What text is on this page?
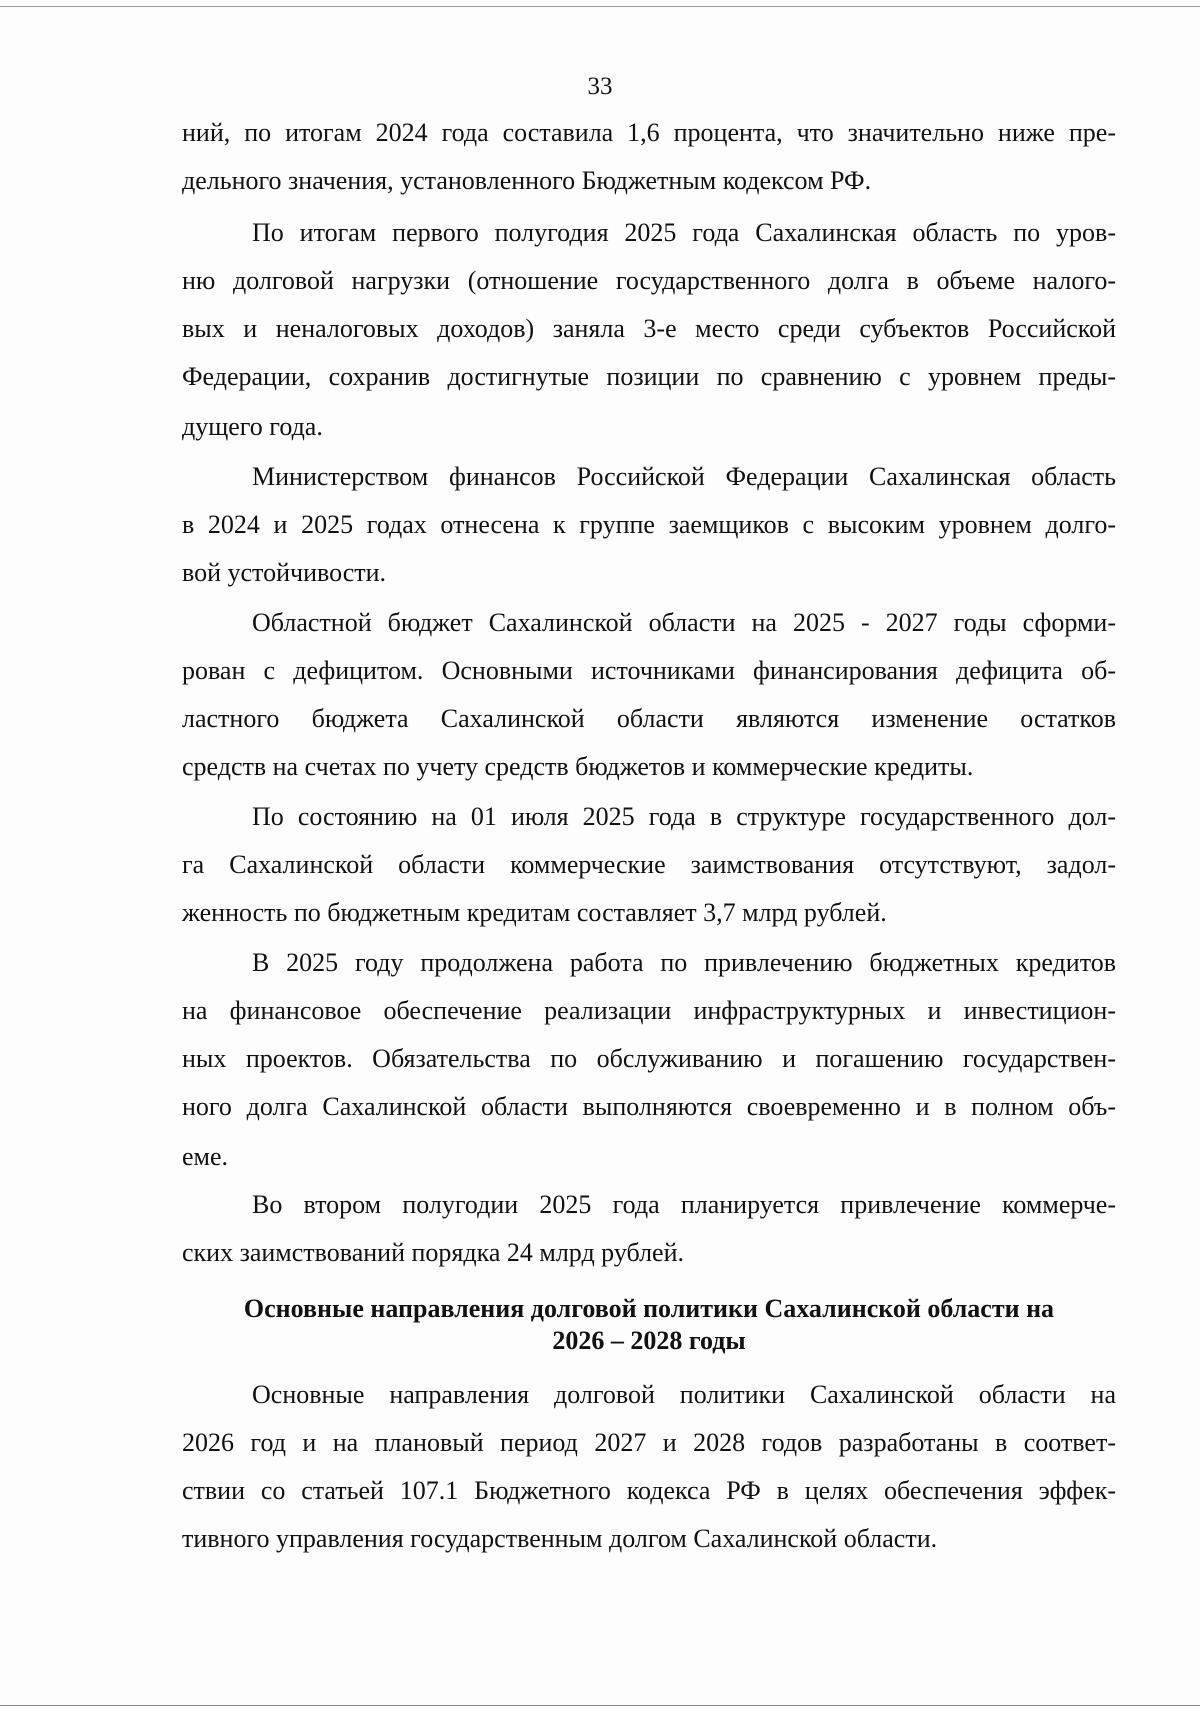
33
ний, по итогам 2024 года составила 1,6 процента, что значительно ниже пре-
дельного значения, установленного Бюджетным кодексом РФ.
По итогам первого полугодия 2025 года Сахалинская область по уров-
ню долговой нагрузки (отношение государственного долга в объеме налого-
вых и неналоговых доходов) заняла 3-е место среди субъектов Российской
Федерации, сохранив достигнутые позиции по сравнению с уровнем преды-
дущего года.
Министерством финансов Российской Федерации Сахалинская область
в 2024 и 2025 годах отнесена к группе заемщиков с высоким уровнем долго-
вой устойчивости.
Областной бюджет Сахалинской области на 2025 - 2027 годы сформи-
рован с дефицитом. Основными источниками финансирования дефицита об-
ластного бюджета Сахалинской области являются изменение остатков
средств на счетах по учету средств бюджетов и коммерческие кредиты.
По состоянию на 01 июля 2025 года в структуре государственного дол-
га Сахалинской области коммерческие заимствования отсутствуют, задол-
женность по бюджетным кредитам составляет 3,7 млрд рублей.
В 2025 году продолжена работа по привлечению бюджетных кредитов
на финансовое обеспечение реализации инфраструктурных и инвестицион-
ных проектов. Обязательства по обслуживанию и погашению государствен-
ного долга Сахалинской области выполняются своевременно и в полном объ-
еме.
Во втором полугодии 2025 года планируется привлечение коммерче-
ских заимствований порядка 24 млрд рублей.
Основные направления долговой политики Сахалинской области на
2026 – 2028 годы
Основные направления долговой политики Сахалинской области на
2026 год и на плановый период 2027 и 2028 годов разработаны в соответ-
ствии со статьей 107.1 Бюджетного кодекса РФ в целях обеспечения эффек-
тивного управления государственным долгом Сахалинской области.
